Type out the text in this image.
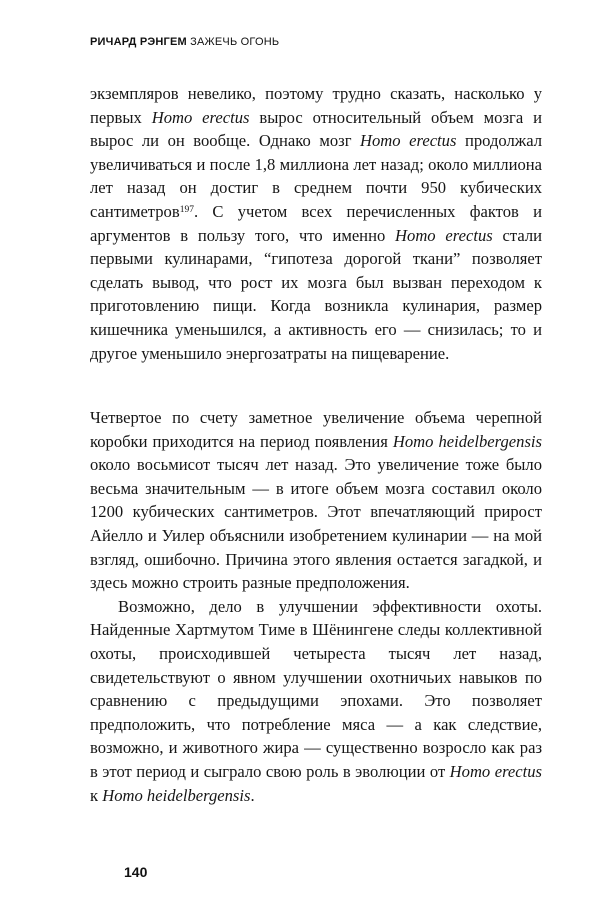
РИЧАРД РЭНГЕМ ЗАЖЕЧЬ ОГОНЬ

экземпляров невелико, поэтому трудно сказать, насколько у первых Homo erectus вырос относительный объем мозга и вырос ли он вообще. Однако мозг Homo erectus продолжал увеличиваться и после 1,8 миллиона лет назад; около миллиона лет назад он достиг в среднем почти 950 кубических сантиметров$^{197}$. С учетом всех перечисленных фактов и аргументов в пользу того, что именно Homo erectus стали первыми кулинарами, “гипотеза дорогой ткани” позволяет сделать вывод, что рост их мозга был вызван переходом к приготовлению пищи. Когда возникла кулинария, размер кишечника уменьшился, а активность его — снизилась; то и другое уменьшило энергозатраты на пищеварение.

Четвертое по счету заметное увеличение объема черепной коробки приходится на период появления Homo heidelbergensis около восьмисот тысяч лет назад. Это увеличение тоже было весьма значительным — в итоге объем мозга составил около 1200 кубических сантиметров. Этот впечатляющий прирост Айелло и Уилер объяснили изобретением кулинарии — на мой взгляд, ошибочно. Причина этого явления остается загадкой, и здесь можно строить разные предположения.

Возможно, дело в улучшении эффективности охоты. Найденные Хартмутом Тиме в Шёнингене следы коллективной охоты, происходившей четыреста тысяч лет назад, свидетельствуют о явном улучшении охотничьих навыков по сравнению с предыдущими эпохами. Это позволяет предположить, что потребление мяса — а как следствие, возможно, и животного жира — существенно возросло как раз в этот период и сыграло свою роль в эволюции от Homo erectus к Homo heidelbergensis.

140
